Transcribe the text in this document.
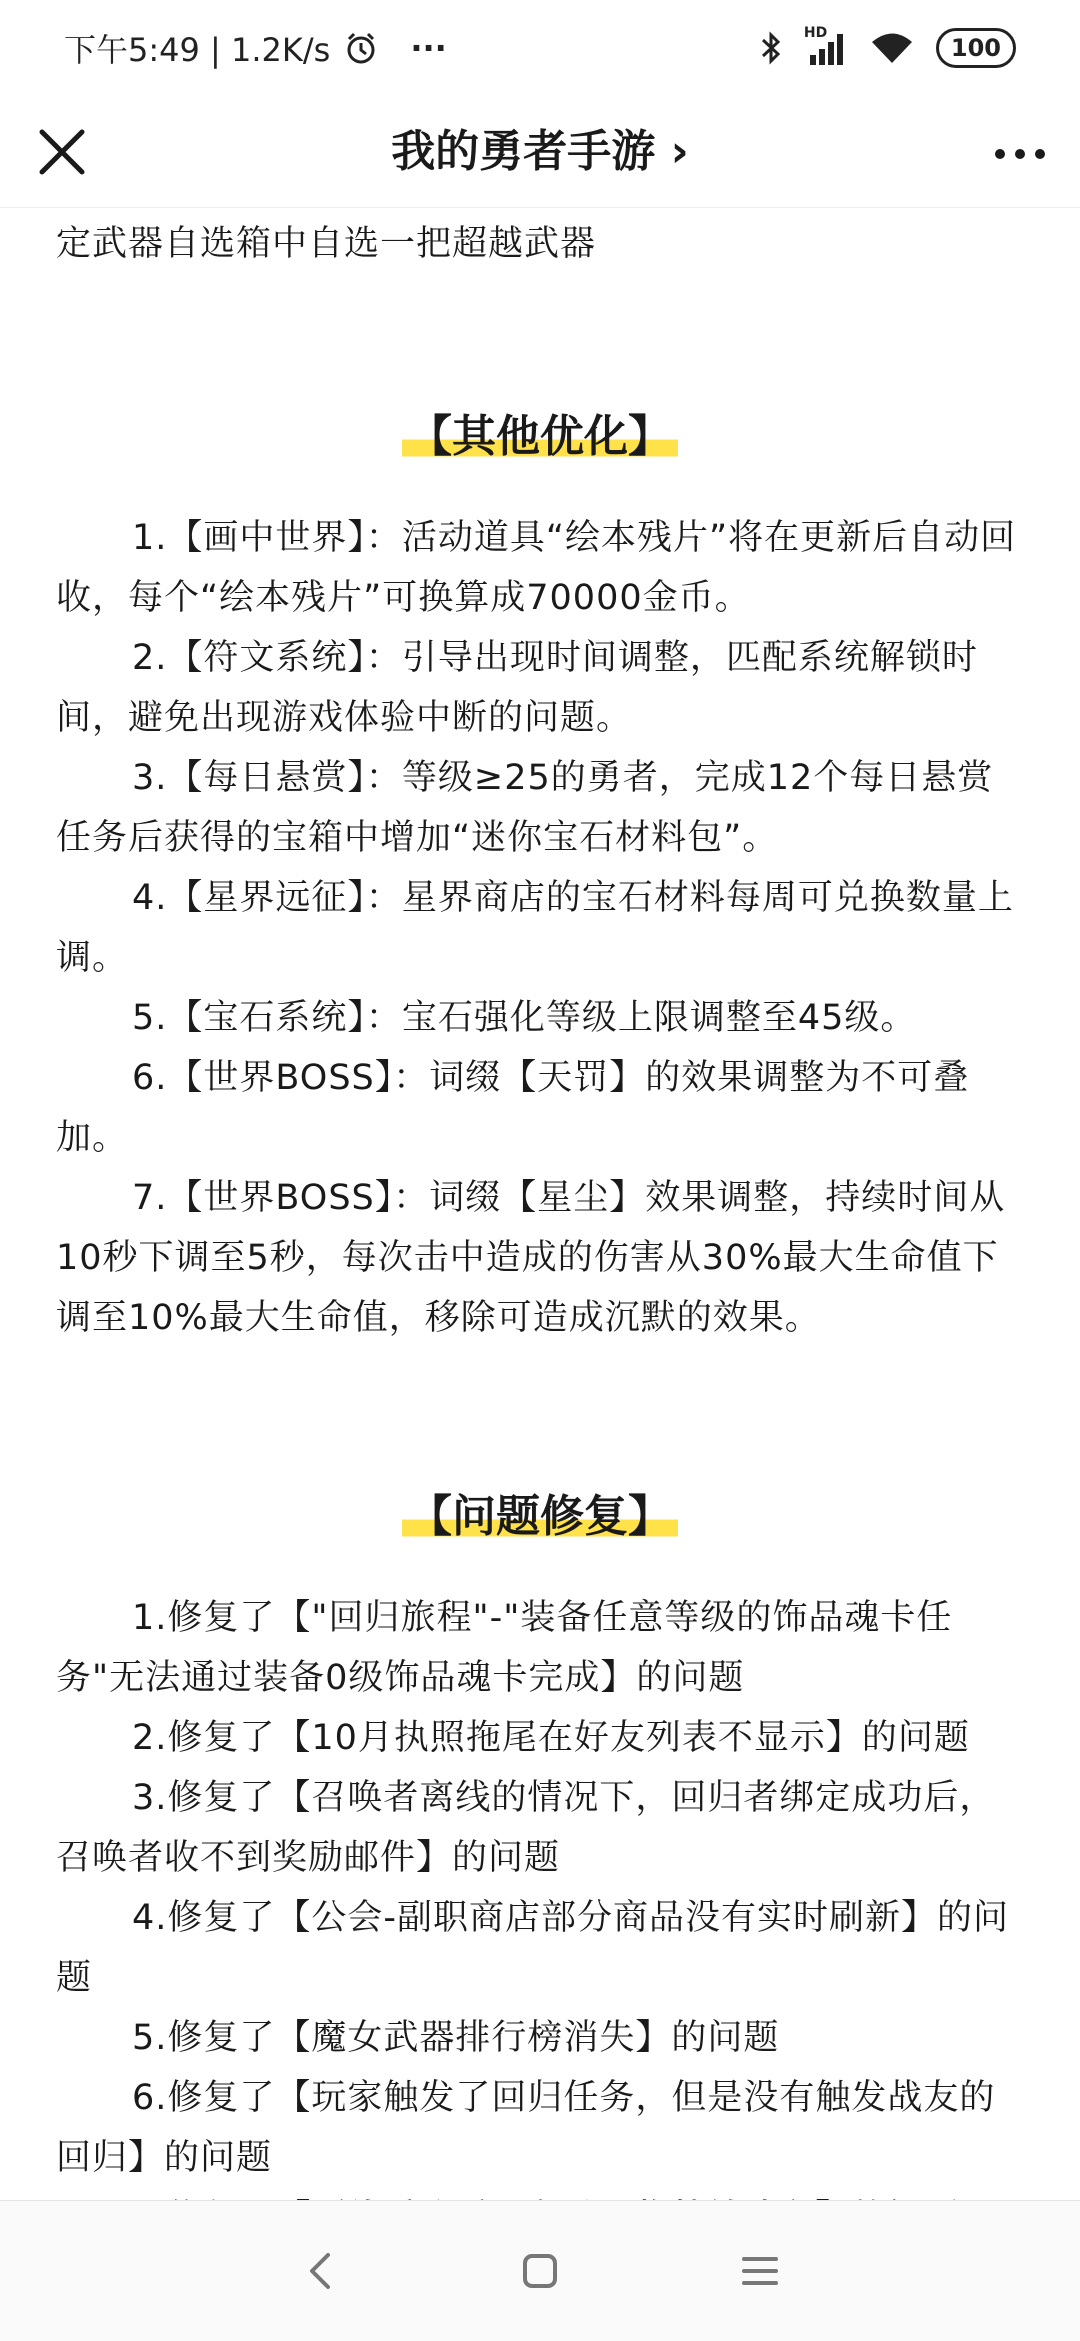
下午5:49 | 1.2K/s	···	HD
100
我的勇者手游 ›
定武器自选箱中自选一把超越武器
【其他优化】
1.【画中世界】：活动道具“绘本残片”将在更新后自动回收，每个“绘本残片”可换算成70000金币。
2.【符文系统】：引导出现时间调整，匹配系统解锁时间，避免出现游戏体验中断的问题。
3.【每日悬赏】：等级≥25的勇者，完成12个每日悬赏任务后获得的宝箱中增加“迷你宝石材料包”。
4.【星界远征】：星界商店的宝石材料每周可兑换数量上调。
5.【宝石系统】：宝石强化等级上限调整至45级。
6.【世界BOSS】：词缀【天罚】的效果调整为不可叠加。
7.【世界BOSS】：词缀【星尘】效果调整，持续时间从10秒下调至5秒，每次击中造成的伤害从30%最大生命值下调至10%最大生命值，移除可造成沉默的效果。
【问题修复】
1.修复了【"回归旅程"-"装备任意等级的饰品魂卡任务"无法通过装备0级饰品魂卡完成】的问题
2.修复了【10月执照拖尾在好友列表不显示】的问题
3.修复了【召唤者离线的情况下，回归者绑定成功后，召唤者收不到奖励邮件】的问题
4.修复了【公会-副职商店部分商品没有实时刷新】的问题
5.修复了【魔女武器排行榜消失】的问题
6.修复了【玩家触发了回归任务，但是没有触发战友的回归】的问题
